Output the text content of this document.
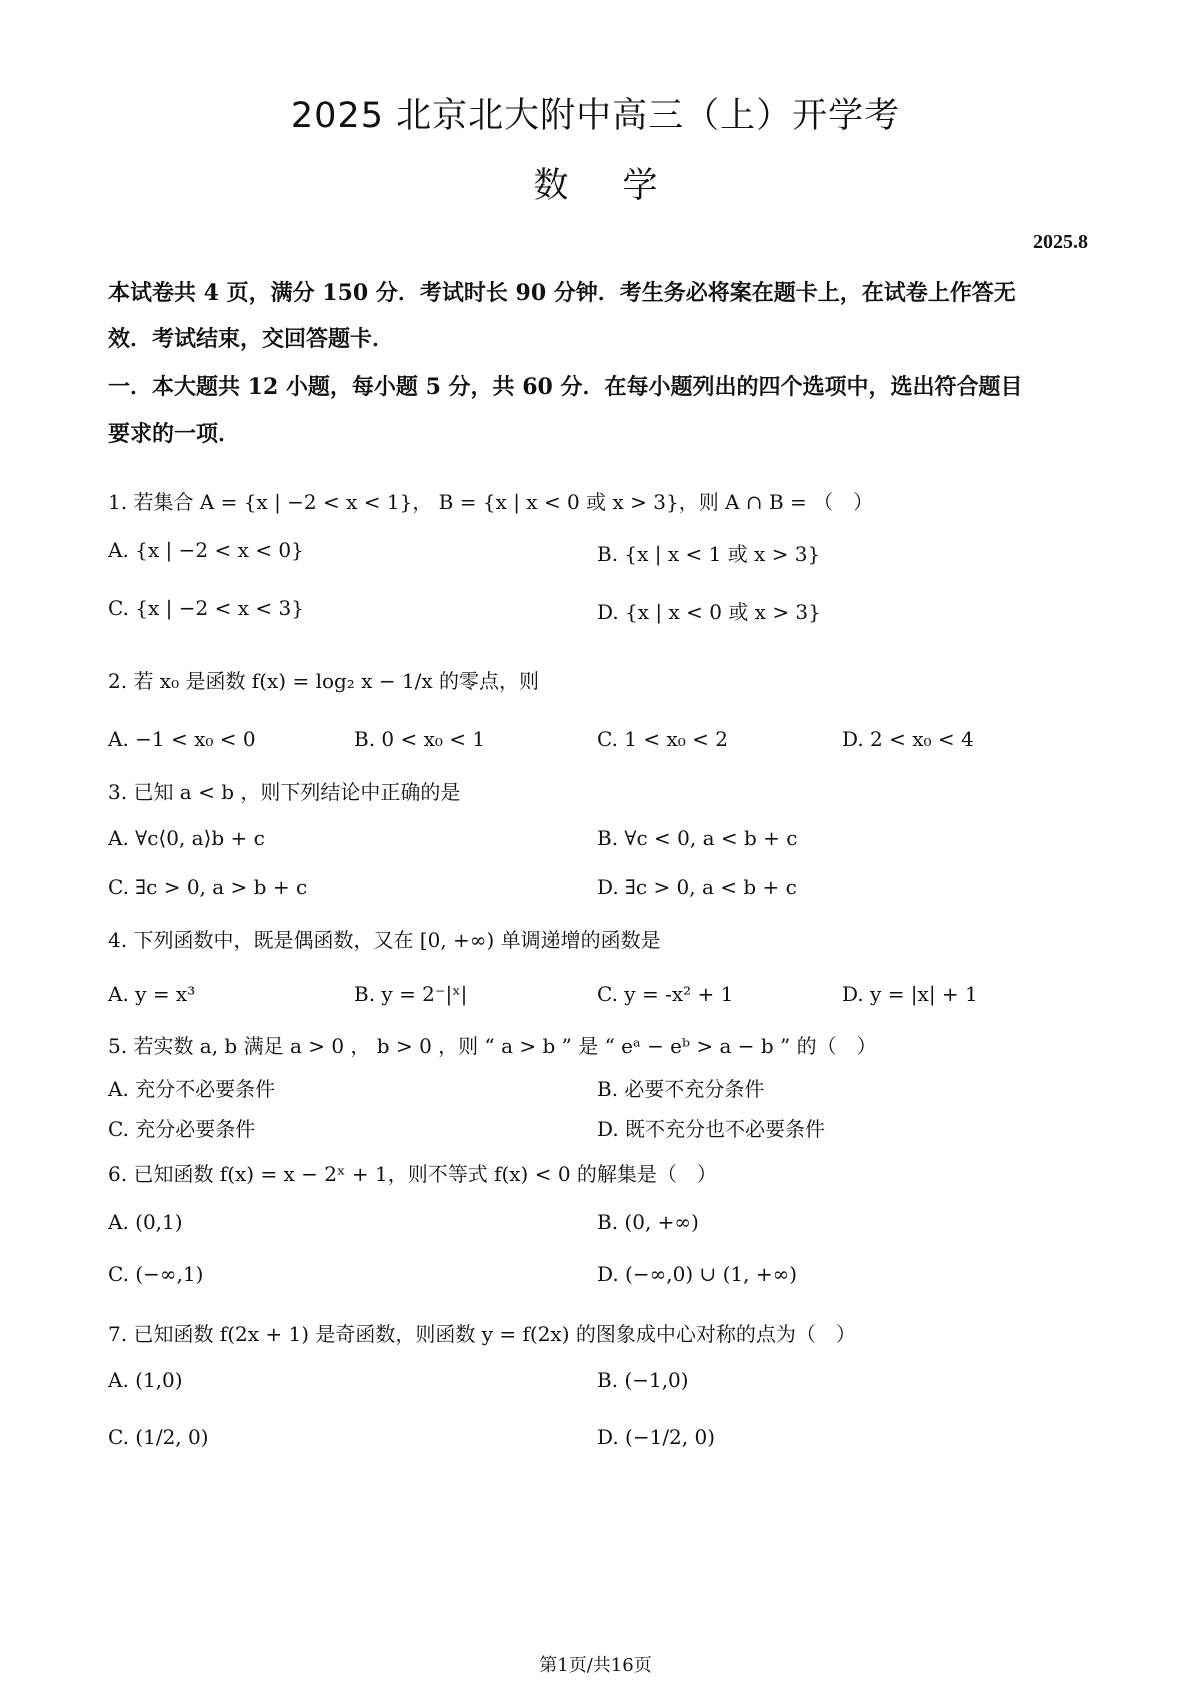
2025 北京北大附中高三（上）开学考
数学
2025.8
本试卷共 4 页，满分 150 分．考试时长 90 分钟．考生务必将案在题卡上，在试卷上作答无
效．考试结束，交回答题卡．
一．本大题共 12 小题，每小题 5 分，共 60 分．在每小题列出的四个选项中，选出符合题目
要求的一项．
1. 若集合 A = {x | −2 < x < 1}， B = {x | x < 0 或 x > 3}，则 A ∩ B = （　）
A. {x | −2 < x < 0}	B. {x | x < 1 或 x > 3}
C. {x | −2 < x < 3}	D. {x | x < 0 或 x > 3}
2. 若 x₀ 是函数 f(x) = log₂ x − 1/x 的零点，则
A. −1 < x₀ < 0	B. 0 < x₀ < 1	C. 1 < x₀ < 2	D. 2 < x₀ < 4
3. 已知 a < b ，则下列结论中正确的是
A. ∀c⟨0, a⟩b + c	B. ∀c < 0, a < b + c
C. ∃c > 0, a > b + c	D. ∃c > 0, a < b + c
4. 下列函数中，既是偶函数，又在 [0, +∞) 单调递增的函数是
A. y = x³	B. y = 2⁻|ˣ|	C. y = -x² + 1	D. y = |x| + 1
5. 若实数 a, b 满足 a > 0 ， b > 0 ，则 “ a > b ” 是 “ eᵃ − eᵇ > a − b ” 的（　）
A. 充分不必要条件	B. 必要不充分条件
C. 充分必要条件	D. 既不充分也不必要条件
6. 已知函数 f(x) = x − 2ˣ + 1，则不等式 f(x) < 0 的解集是（　）
A. (0,1)	B. (0, +∞)
C. (−∞,1)	D. (−∞,0) ∪ (1, +∞)
7. 已知函数 f(2x + 1) 是奇函数，则函数 y = f(2x) 的图象成中心对称的点为（　）
A. (1,0)	B. (−1,0)
C. (1/2, 0)	D. (−1/2, 0)
第1页/共16页
